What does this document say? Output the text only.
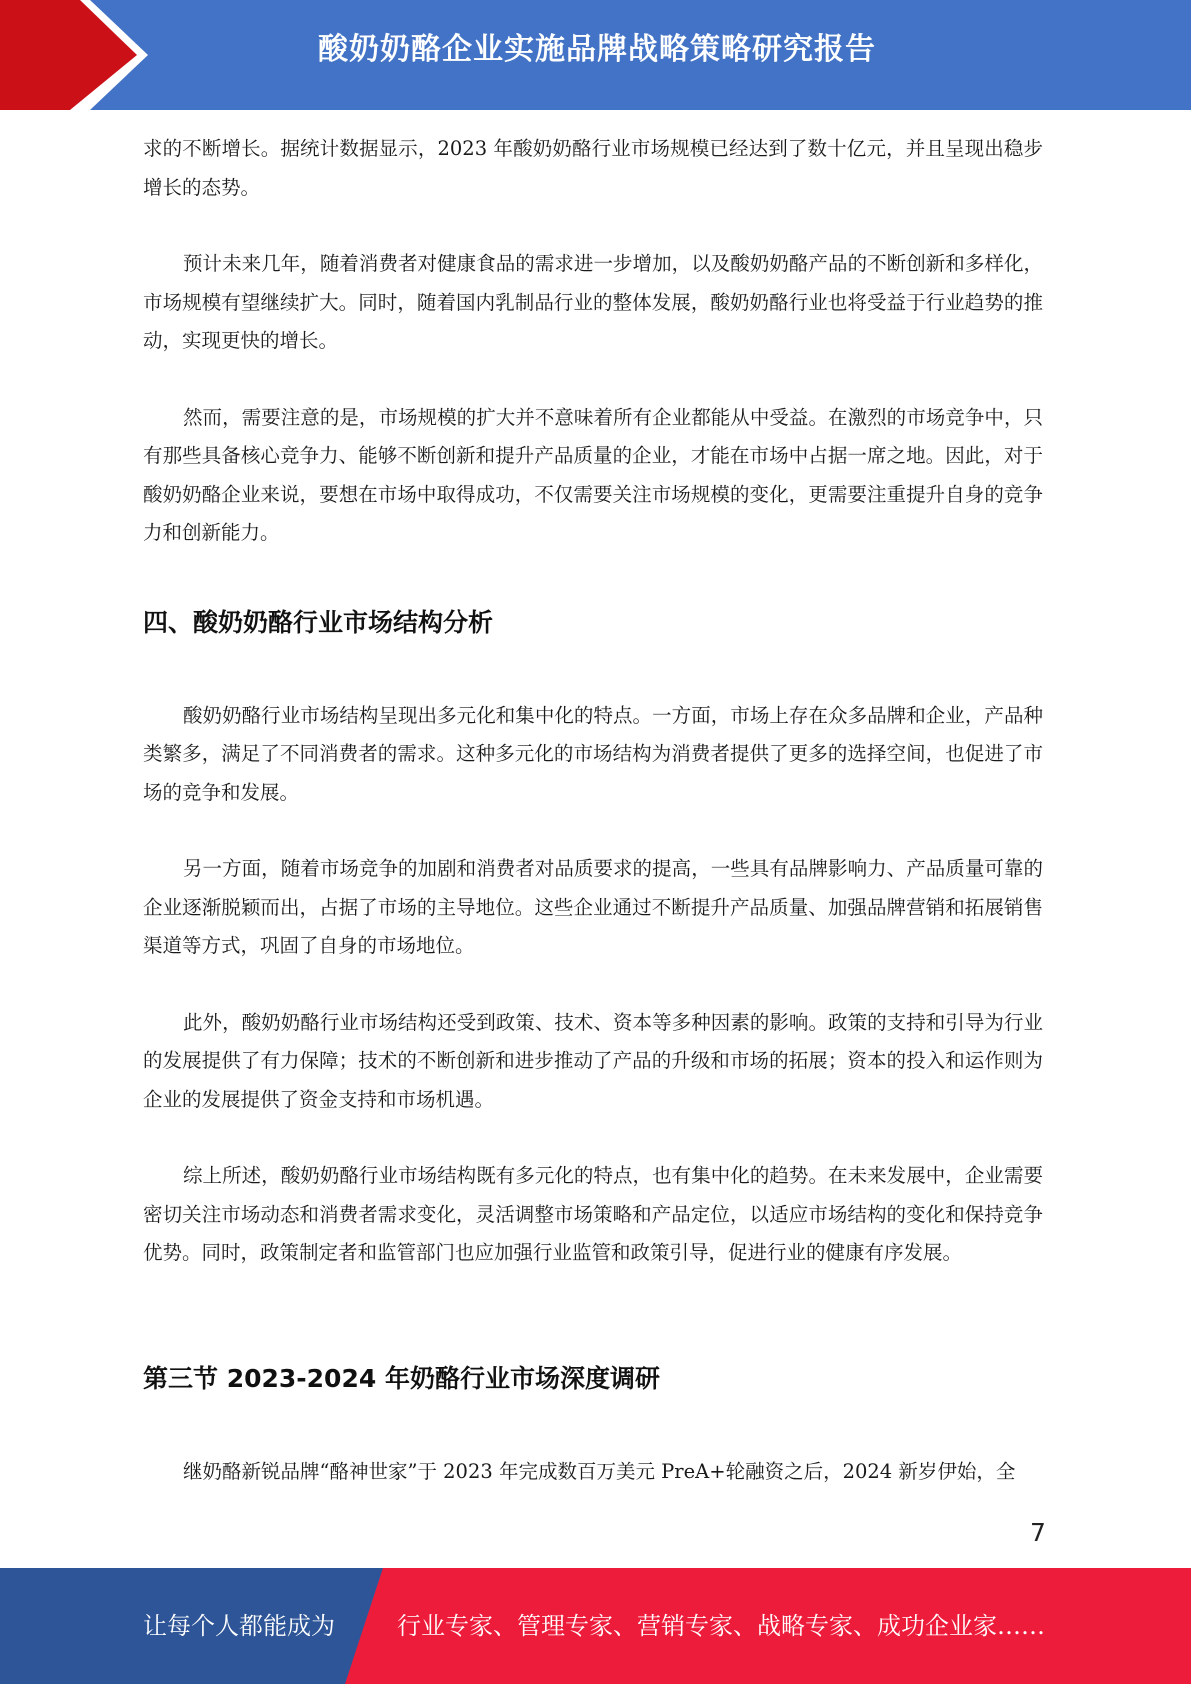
酸奶奶酪企业实施品牌战略策略研究报告

求的不断增长。据统计数据显示，2023 年酸奶奶酪行业市场规模已经达到了数十亿元，并且呈现出稳步增长的态势。

预计未来几年，随着消费者对健康食品的需求进一步增加，以及酸奶奶酪产品的不断创新和多样化，市场规模有望继续扩大。同时，随着国内乳制品行业的整体发展，酸奶奶酪行业也将受益于行业趋势的推动，实现更快的增长。

然而，需要注意的是，市场规模的扩大并不意味着所有企业都能从中受益。在激烈的市场竞争中，只有那些具备核心竞争力、能够不断创新和提升产品质量的企业，才能在市场中占据一席之地。因此，对于酸奶奶酪企业来说，要想在市场中取得成功，不仅需要关注市场规模的变化，更需要注重提升自身的竞争力和创新能力。

四、酸奶奶酪行业市场结构分析

酸奶奶酪行业市场结构呈现出多元化和集中化的特点。一方面，市场上存在众多品牌和企业，产品种类繁多，满足了不同消费者的需求。这种多元化的市场结构为消费者提供了更多的选择空间，也促进了市场的竞争和发展。

另一方面，随着市场竞争的加剧和消费者对品质要求的提高，一些具有品牌影响力、产品质量可靠的企业逐渐脱颖而出，占据了市场的主导地位。这些企业通过不断提升产品质量、加强品牌营销和拓展销售渠道等方式，巩固了自身的市场地位。

此外，酸奶奶酪行业市场结构还受到政策、技术、资本等多种因素的影响。政策的支持和引导为行业的发展提供了有力保障；技术的不断创新和进步推动了产品的升级和市场的拓展；资本的投入和运作则为企业的发展提供了资金支持和市场机遇。

综上所述，酸奶奶酪行业市场结构既有多元化的特点，也有集中化的趋势。在未来发展中，企业需要密切关注市场动态和消费者需求变化，灵活调整市场策略和产品定位，以适应市场结构的变化和保持竞争优势。同时，政策制定者和监管部门也应加强行业监管和政策引导，促进行业的健康有序发展。

第三节 2023-2024 年奶酪行业市场深度调研

继奶酪新锐品牌“酪神世家”于 2023 年完成数百万美元 PreA+轮融资之后，2024 新岁伊始，全

7
让每个人都能成为	行业专家、管理专家、营销专家、战略专家、成功企业家……
